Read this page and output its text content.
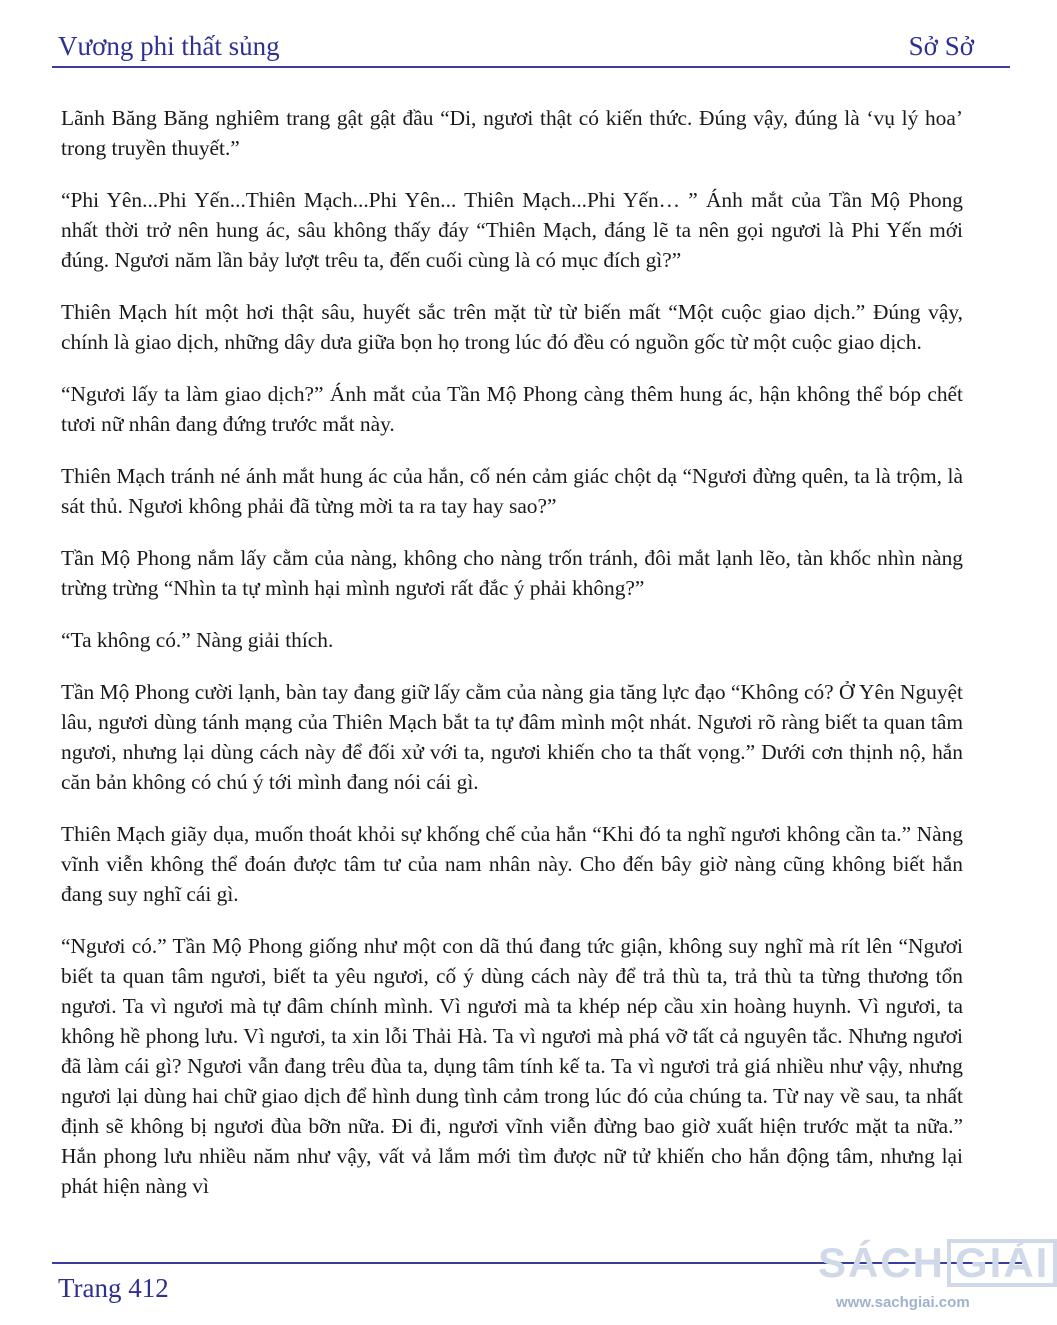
Vương phi thất sủng	Sở Sở

Lãnh Băng Băng nghiêm trang gật gật đầu “Di, ngươi thật có kiến thức. Đúng vậy, đúng là ‘vụ lý hoa’ trong truyền thuyết.”

“Phi Yên...Phi Yến...Thiên Mạch...Phi Yên... Thiên Mạch...Phi Yến… ” Ánh mắt của Tần Mộ Phong nhất thời trở nên hung ác, sâu không thấy đáy “Thiên Mạch, đáng lẽ ta nên gọi ngươi là Phi Yến mới đúng. Ngươi năm lần bảy lượt trêu ta, đến cuối cùng là có mục đích gì?”

Thiên Mạch hít một hơi thật sâu, huyết sắc trên mặt từ từ biến mất “Một cuộc giao dịch.” Đúng vậy, chính là giao dịch, những dây dưa giữa bọn họ trong lúc đó đều có nguồn gốc từ một cuộc giao dịch.

“Ngươi lấy ta làm giao dịch?” Ánh mắt của Tần Mộ Phong càng thêm hung ác, hận không thể bóp chết tươi nữ nhân đang đứng trước mắt này.

Thiên Mạch tránh né ánh mắt hung ác của hắn, cố nén cảm giác chột dạ “Ngươi đừng quên, ta là trộm, là sát thủ. Ngươi không phải đã từng mời ta ra tay hay sao?”

Tần Mộ Phong nắm lấy cằm của nàng, không cho nàng trốn tránh, đôi mắt lạnh lẽo, tàn khốc nhìn nàng trừng trừng “Nhìn ta tự mình hại mình ngươi rất đắc ý phải không?”

“Ta không có.” Nàng giải thích.

Tần Mộ Phong cười lạnh, bàn tay đang giữ lấy cằm của nàng gia tăng lực đạo “Không có? Ở Yên Nguyệt lâu, ngươi dùng tánh mạng của Thiên Mạch bắt ta tự đâm mình một nhát. Ngươi rõ ràng biết ta quan tâm ngươi, nhưng lại dùng cách này để đối xử với ta, ngươi khiến cho ta thất vọng.” Dưới cơn thịnh nộ, hắn căn bản không có chú ý tới mình đang nói cái gì.

Thiên Mạch giãy dụa, muốn thoát khỏi sự khống chế của hắn “Khi đó ta nghĩ ngươi không cần ta.” Nàng vĩnh viễn không thể đoán được tâm tư của nam nhân này. Cho đến bây giờ nàng cũng không biết hắn đang suy nghĩ cái gì.

“Ngươi có.” Tần Mộ Phong giống như một con dã thú đang tức giận, không suy nghĩ mà rít lên “Ngươi biết ta quan tâm ngươi, biết ta yêu ngươi, cố ý dùng cách này để trả thù ta, trả thù ta từng thương tổn ngươi. Ta vì ngươi mà tự đâm chính mình. Vì ngươi mà ta khép nép cầu xin hoàng huynh. Vì ngươi, ta không hề phong lưu. Vì ngươi, ta xin lỗi Thải Hà. Ta vì ngươi mà phá vỡ tất cả nguyên tắc. Nhưng ngươi đã làm cái gì? Ngươi vẫn đang trêu đùa ta, dụng tâm tính kế ta. Ta vì ngươi trả giá nhiều như vậy, nhưng ngươi lại dùng hai chữ giao dịch để hình dung tình cảm trong lúc đó của chúng ta. Từ nay về sau, ta nhất định sẽ không bị ngươi đùa bỡn nữa. Đi đi, ngươi vĩnh viễn đừng bao giờ xuất hiện trước mặt ta nữa.” Hắn phong lưu nhiều năm như vậy, vất vả lắm mới tìm được nữ tử khiến cho hắn động tâm, nhưng lại phát hiện nàng vì

Trang 412
SÁCH GIẢI
www.sachgiai.com
